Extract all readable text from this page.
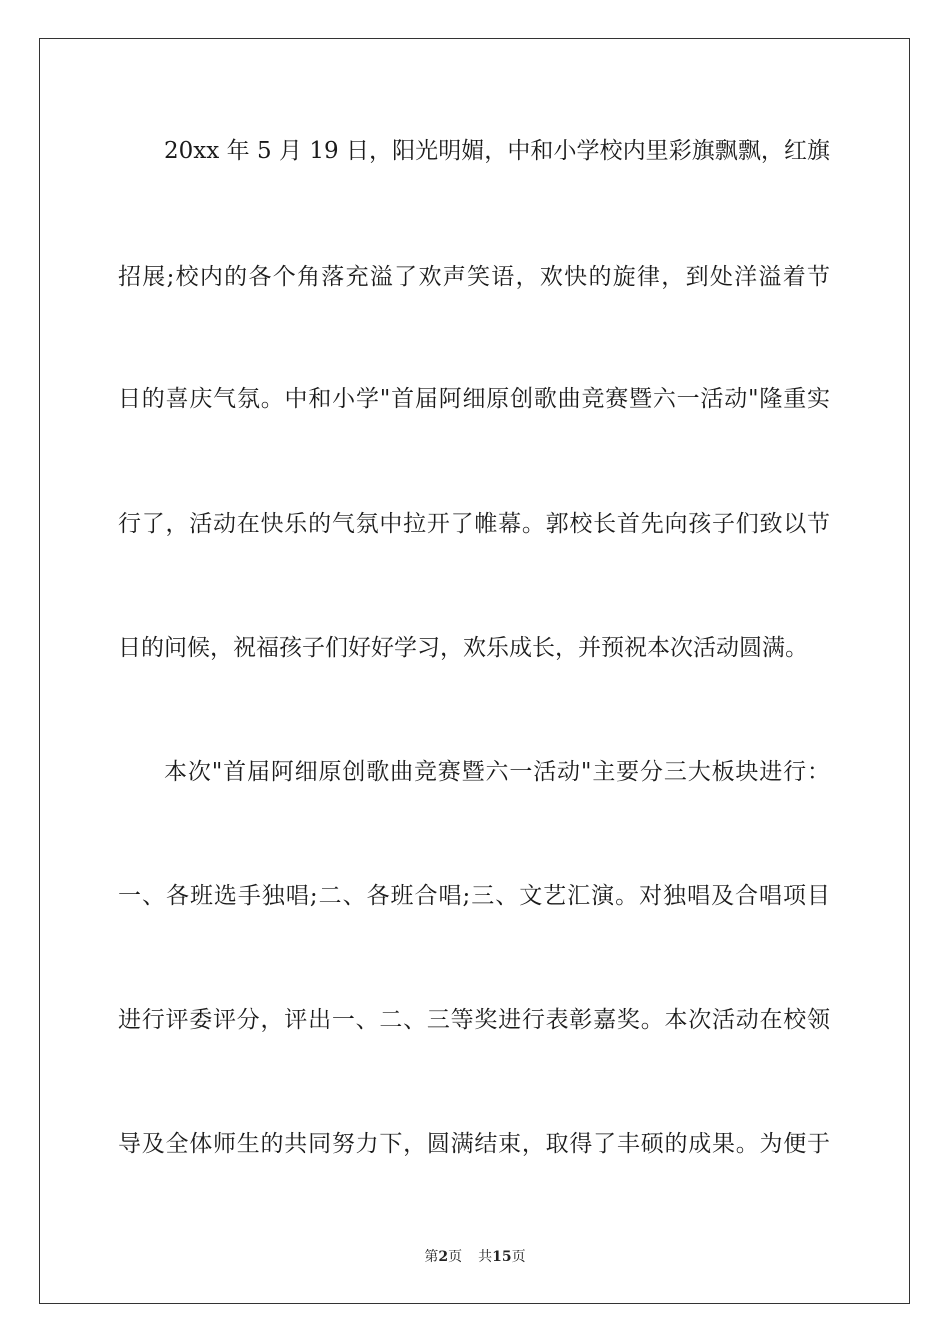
20xx 年 5 月 19 日，阳光明媚，中和小学校内里彩旗飘飘，红旗
招展;校内的各个角落充溢了欢声笑语，欢快的旋律，到处洋溢着节
日的喜庆气氛。中和小学"首届阿细原创歌曲竞赛暨六一活动"隆重实
行了，活动在快乐的气氛中拉开了帷幕。郭校长首先向孩子们致以节
日的问候，祝福孩子们好好学习，欢乐成长，并预祝本次活动圆满。
本次"首届阿细原创歌曲竞赛暨六一活动"主要分三大板块进行：
一、各班选手独唱;二、各班合唱;三、文艺汇演。对独唱及合唱项目
进行评委评分，评出一、二、三等奖进行表彰嘉奖。本次活动在校领
导及全体师生的共同努力下，圆满结束，取得了丰硕的成果。为便于
第2页 共15页
